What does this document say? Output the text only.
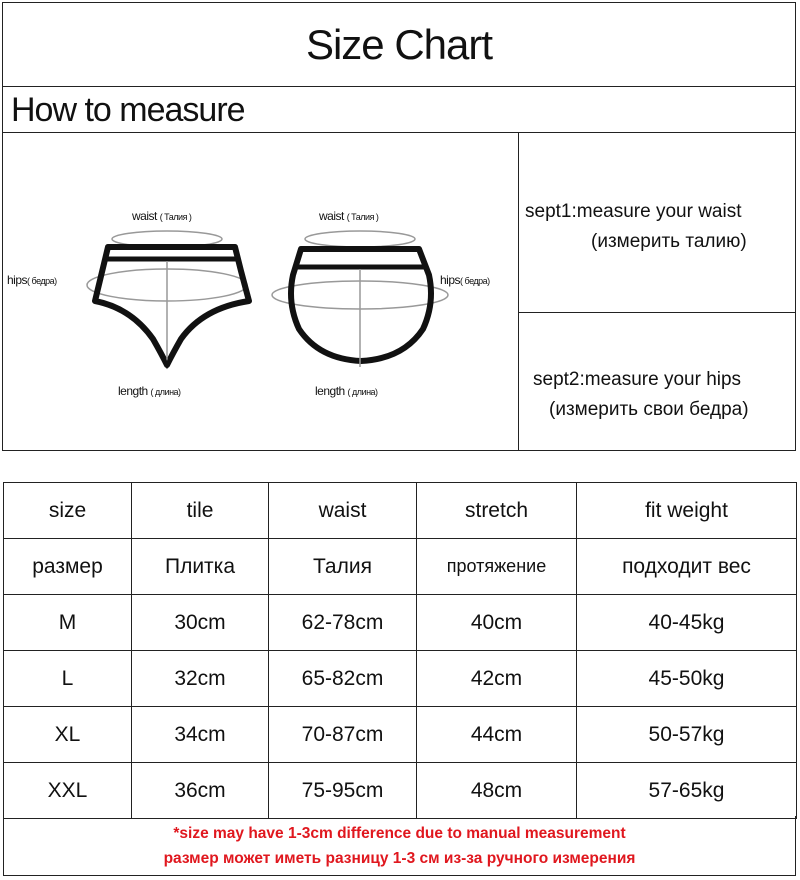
Size Chart
How to measure
waist ( Талия )
hips( бедра)
length ( длина)
waist ( Талия )
hips( бедра)
length ( длина)
sept1:measure your waist
(измерить талию)
sept2:measure your hips
(измерить свои бедра)
size	tile	waist	stretch	fit weight
размер	Плитка	Талия	протяжение	подходит вес
M	30cm	62-78cm	40cm	40-45kg
L	32cm	65-82cm	42cm	45-50kg
XL	34cm	70-87cm	44cm	50-57kg
XXL	36cm	75-95cm	48cm	57-65kg
*size may have 1-3cm difference due to manual measurement
размер может иметь разницу 1-3 см из-за ручного измерения
